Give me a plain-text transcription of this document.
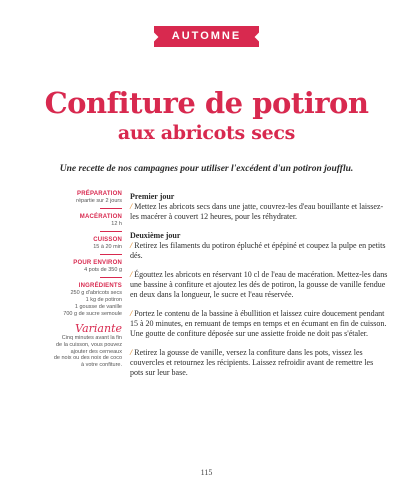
AUTOMNE
Confiture de potiron
aux abricots secs
Une recette de nos campagnes pour utiliser l'excédent d'un potiron joufflu.
PRÉPARATION
répartie sur 2 jours
MACÉRATION
12 h
CUISSON
15 à 20 min
POUR ENVIRON
4 pots de 350 g
INGRÉDIENTS
250 g d'abricots secs
1 kg de potiron
1 gousse de vanille
700 g de sucre semoule
Variante
Cinq minutes avant la fin
de la cuisson, vous pouvez
ajouter des cerneaux
de noix ou des noix de coco
à votre confiture.
Premier jour

/ Mettez les abricots secs dans une jatte, couvrez-les d'eau bouillante et laissez-les macérer à couvert 12 heures, pour les réhydrater.

Deuxième jour

/ Retirez les filaments du potiron épluché et épépiné et coupez la pulpe en petits dés.

/ Égouttez les abricots en réservant 10 cl de l'eau de macération. Mettez-les dans une bassine à confiture et ajoutez les dés de potiron, la gousse de vanille fendue en deux dans la longueur, le sucre et l'eau réservée.

/ Portez le contenu de la bassine à ébullition et laissez cuire doucement pendant 15 à 20 minutes, en remuant de temps en temps et en écumant en fin de cuisson. Une goutte de confiture déposée sur une assiette froide ne doit pas s'étaler.

/ Retirez la gousse de vanille, versez la confiture dans les pots, vissez les couvercles et retournez les récipients. Laissez refroidir avant de remettre les pots sur leur base.

115
